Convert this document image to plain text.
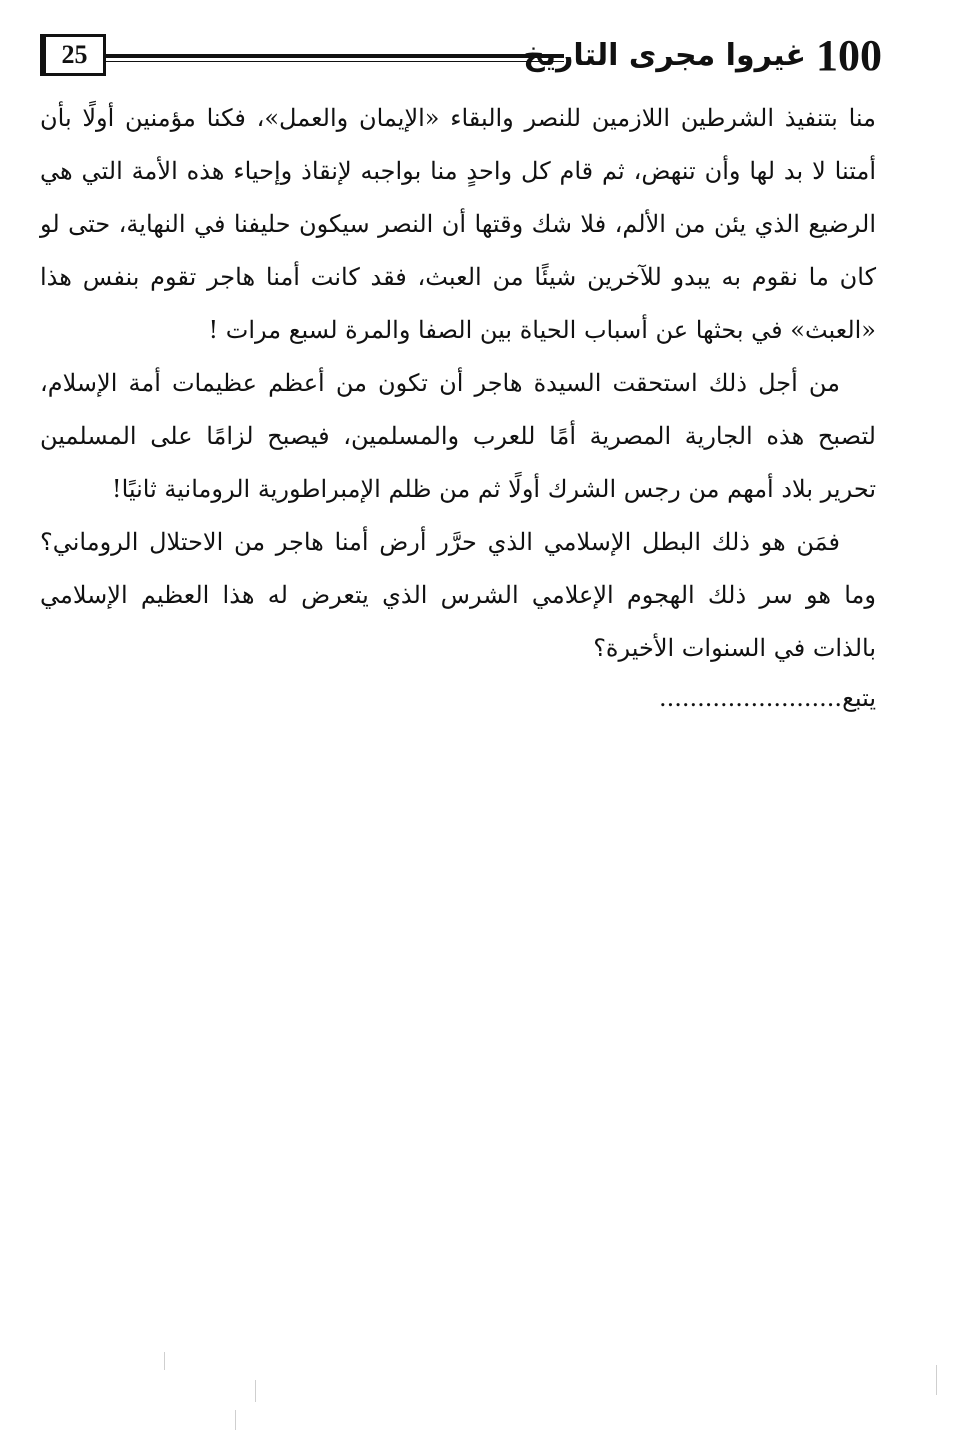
25	100
غيروا مجرى التاريخ

منا بتنفيذ الشرطين اللازمين للنصر والبقاء «الإيمان والعمل»، فكنا مؤمنين أولًا بأن أمتنا لا بد لها وأن تنهض، ثم قام كل واحدٍ منا بواجبه لإنقاذ وإحياء هذه الأمة التي هي الرضيع الذي يئن من الألم، فلا شك وقتها أن النصر سيكون حليفنا في النهاية، حتى لو كان ما نقوم به يبدو للآخرين شيئًا من العبث، فقد كانت أمنا هاجر تقوم بنفس هذا «العبث» في بحثها عن أسباب الحياة بين الصفا والمرة لسبع مرات !

من أجل ذلك استحقت السيدة هاجر أن تكون من أعظم عظيمات أمة الإسلام، لتصبح هذه الجارية المصرية أمًا للعرب والمسلمين، فيصبح لزامًا على المسلمين تحرير بلاد أمهم من رجس الشرك أولًا ثم من ظلم الإمبراطورية الرومانية ثانيًا!

فمَن هو ذلك البطل الإسلامي الذي حرَّر أرض أمنا هاجر من الاحتلال الروماني؟ وما هو سر ذلك الهجوم الإعلامي الشرس الذي يتعرض له هذا العظيم الإسلامي بالذات في السنوات الأخيرة؟

يتبع........................
